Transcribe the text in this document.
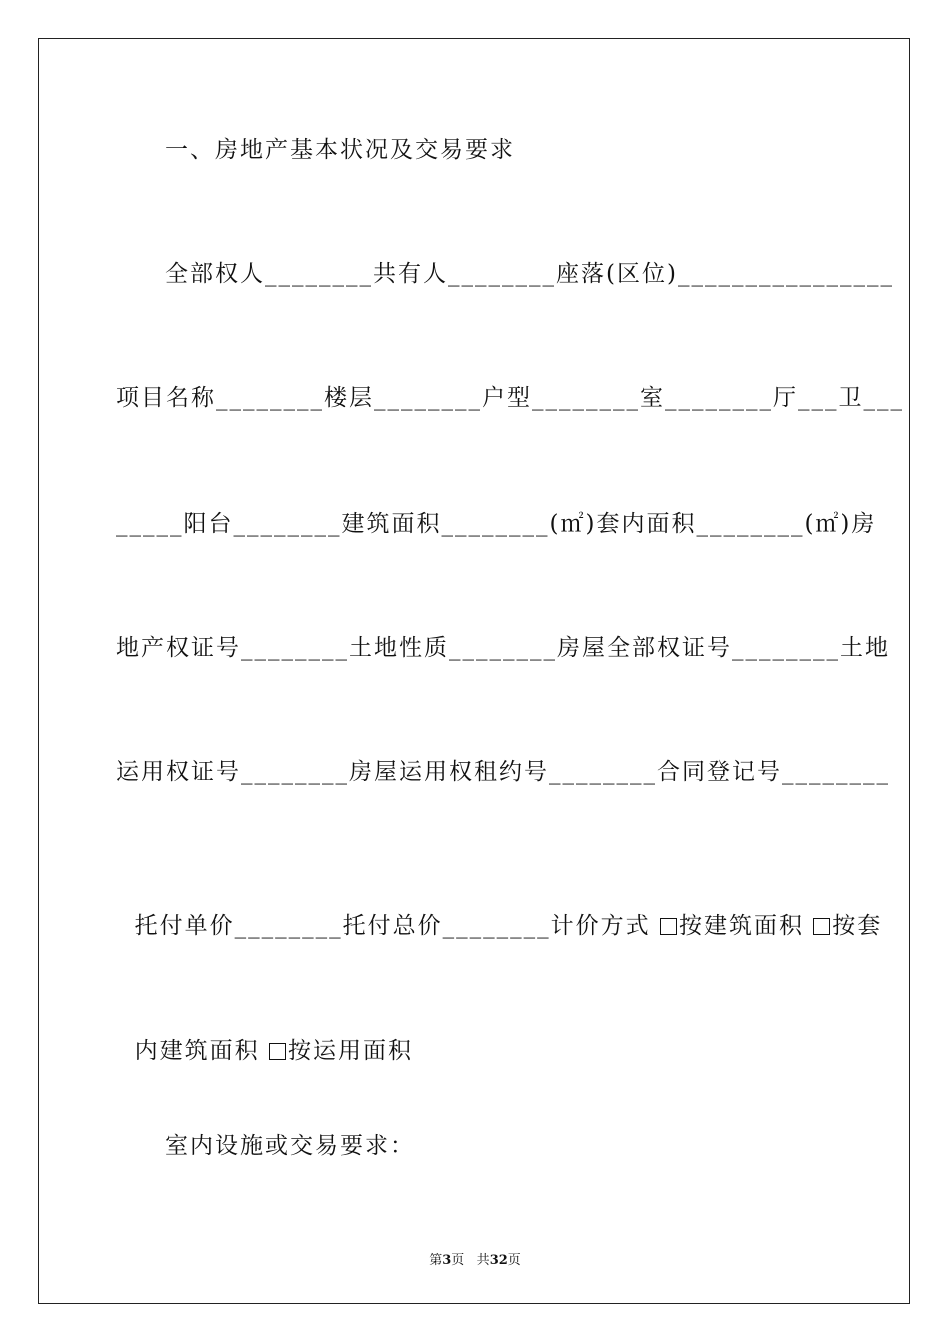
一、房地产基本状况及交易要求
全部权人________共有人________座落(区位)________________
项目名称________楼层________户型________室________厅___卫___
_____阳台________建筑面积________(㎡)套内面积________(㎡)房
地产权证号________土地性质________房屋全部权证号________土地
运用权证号________房屋运用权租约号________合同登记号________

托付单价________托付总价________计价方式 按建筑面积 按套

内建筑面积 按运用面积

室内设施或交易要求：
第3页 共32页
